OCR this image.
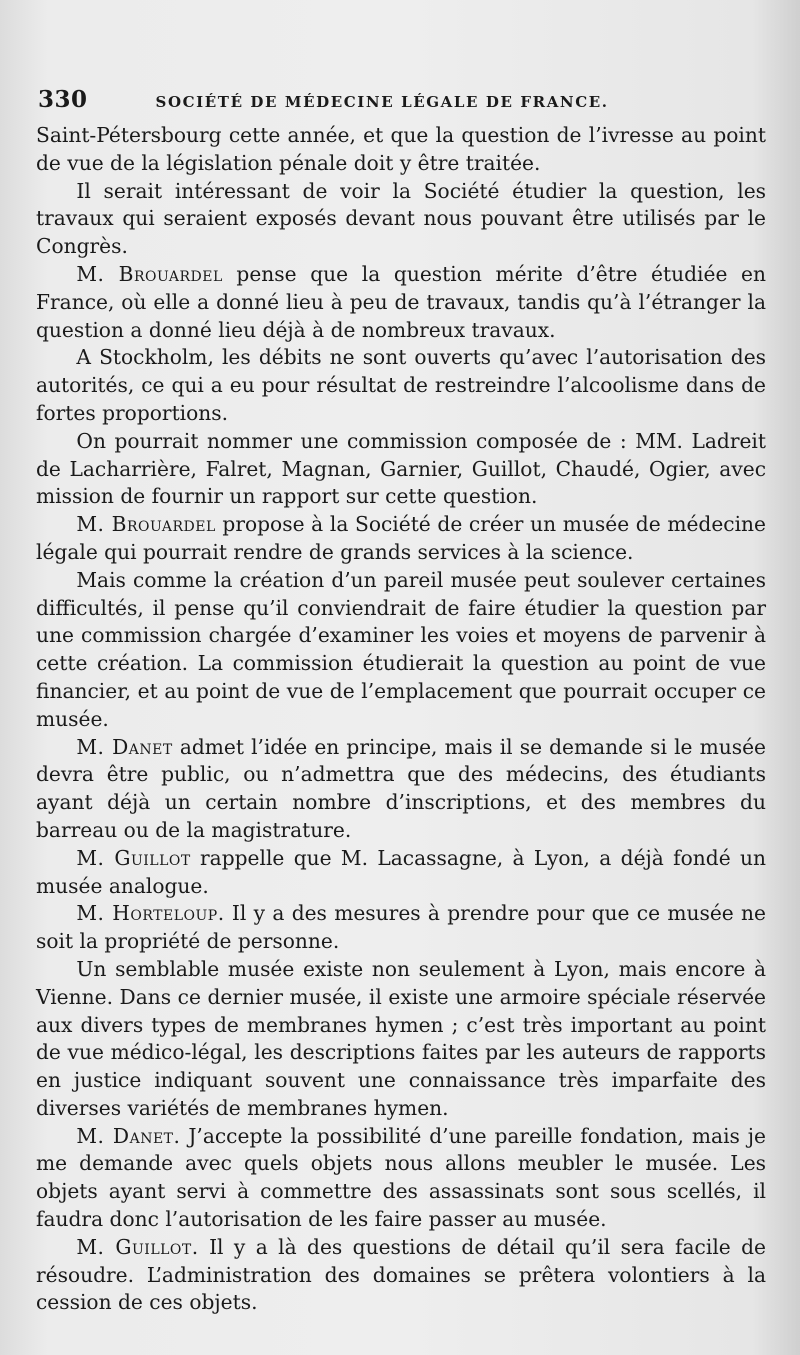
330	SOCIÉTÉ DE MÉDECINE LÉGALE DE FRANCE.

Saint-Pétersbourg cette année, et que la question de l’ivresse au point de vue de la législation pénale doit y être traitée.

Il serait intéressant de voir la Société étudier la question, les travaux qui seraient exposés devant nous pouvant être utilisés par le Congrès.

M. Brouardel pense que la question mérite d’être étudiée en France, où elle a donné lieu à peu de travaux, tandis qu’à l’étranger la question a donné lieu déjà à de nombreux travaux.

A Stockholm, les débits ne sont ouverts qu’avec l’autorisation des autorités, ce qui a eu pour résultat de restreindre l’alcoolisme dans de fortes proportions.

On pourrait nommer une commission composée de : MM. Ladreit de Lacharrière, Falret, Magnan, Garnier, Guillot, Chaudé, Ogier, avec mission de fournir un rapport sur cette question.

M. Brouardel propose à la Société de créer un musée de médecine légale qui pourrait rendre de grands services à la science.

Mais comme la création d’un pareil musée peut soulever certaines difficultés, il pense qu’il conviendrait de faire étudier la question par une commission chargée d’examiner les voies et moyens de parvenir à cette création. La commission étudierait la question au point de vue financier, et au point de vue de l’emplacement que pourrait occuper ce musée.

M. Danet admet l’idée en principe, mais il se demande si le musée devra être public, ou n’admettra que des médecins, des étudiants ayant déjà un certain nombre d’inscriptions, et des membres du barreau ou de la magistrature.

M. Guillot rappelle que M. Lacassagne, à Lyon, a déjà fondé un musée analogue.

M. Horteloup. Il y a des mesures à prendre pour que ce musée ne soit la propriété de personne.

Un semblable musée existe non seulement à Lyon, mais encore à Vienne. Dans ce dernier musée, il existe une armoire spéciale réservée aux divers types de membranes hymen ; c’est très important au point de vue médico-légal, les descriptions faites par les auteurs de rapports en justice indiquant souvent une connaissance très imparfaite des diverses variétés de membranes hymen.

M. Danet. J’accepte la possibilité d’une pareille fondation, mais je me demande avec quels objets nous allons meubler le musée. Les objets ayant servi à commettre des assassinats sont sous scellés, il faudra donc l’autorisation de les faire passer au musée.

M. Guillot. Il y a là des questions de détail qu’il sera facile de résoudre. L’administration des domaines se prêtera volontiers à la cession de ces objets.
